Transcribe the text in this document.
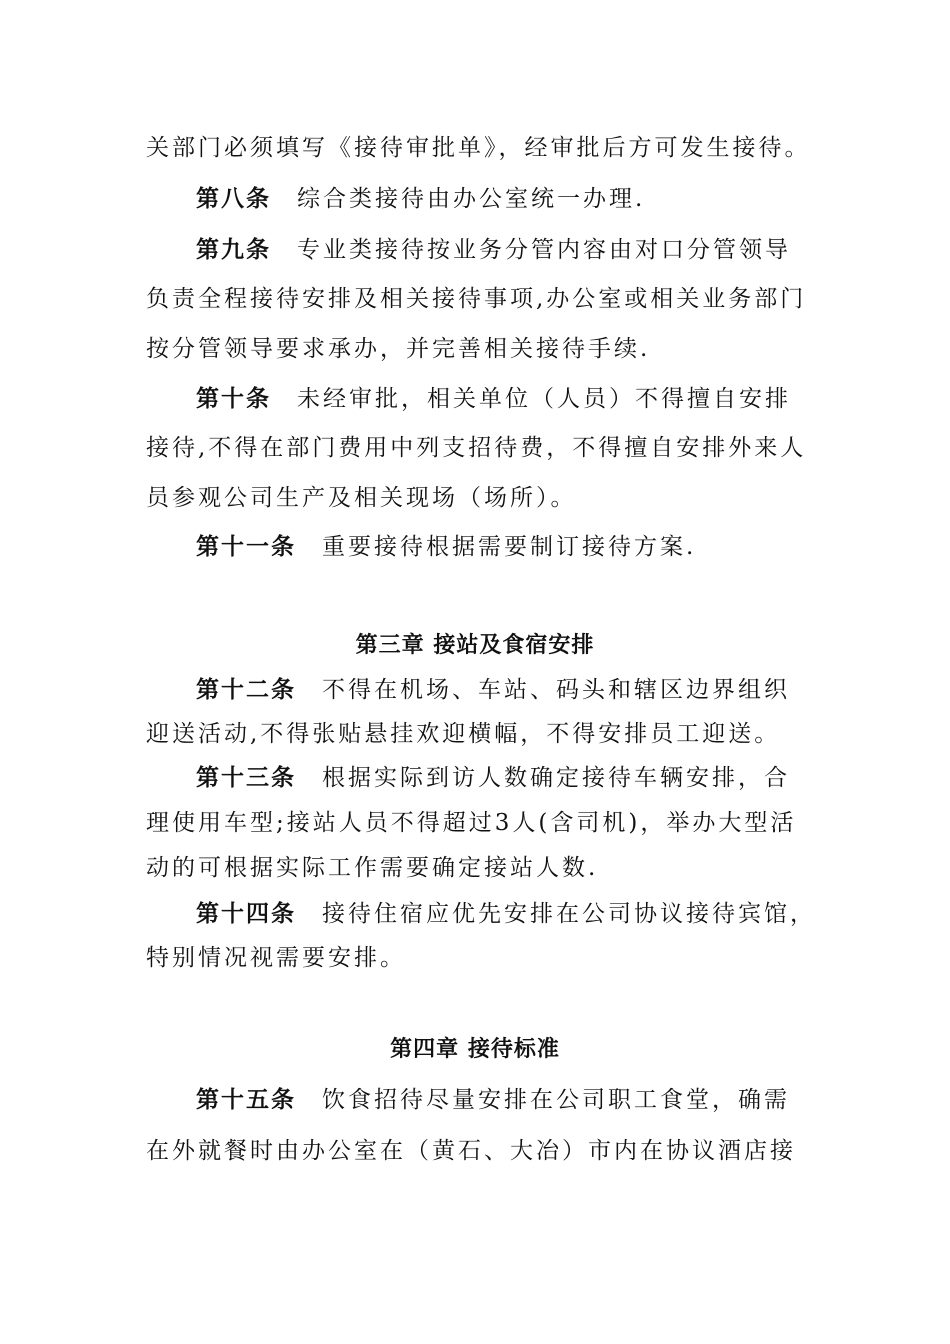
关部门必须填写《接待审批单》，经审批后方可发生接待。
第八条 综合类接待由办公室统一办理.
第九条 专业类接待按业务分管内容由对口分管领导
负责全程接待安排及相关接待事项,办公室或相关业务部门
按分管领导要求承办，并完善相关接待手续.
第十条 未经审批，相关单位（人员）不得擅自安排
接待,不得在部门费用中列支招待费，不得擅自安排外来人
员参观公司生产及相关现场（场所）。
第十一条 重要接待根据需要制订接待方案.
第三章 接站及食宿安排
第十二条 不得在机场、车站、码头和辖区边界组织
迎送活动,不得张贴悬挂欢迎横幅，不得安排员工迎送。
第十三条 根据实际到访人数确定接待车辆安排，合
理使用车型;接站人员不得超过3人(含司机)，举办大型活
动的可根据实际工作需要确定接站人数.
第十四条 接待住宿应优先安排在公司协议接待宾馆，
特别情况视需要安排。
第四章 接待标准
第十五条 饮食招待尽量安排在公司职工食堂，确需
在外就餐时由办公室在（黄石、大冶）市内在协议酒店接
